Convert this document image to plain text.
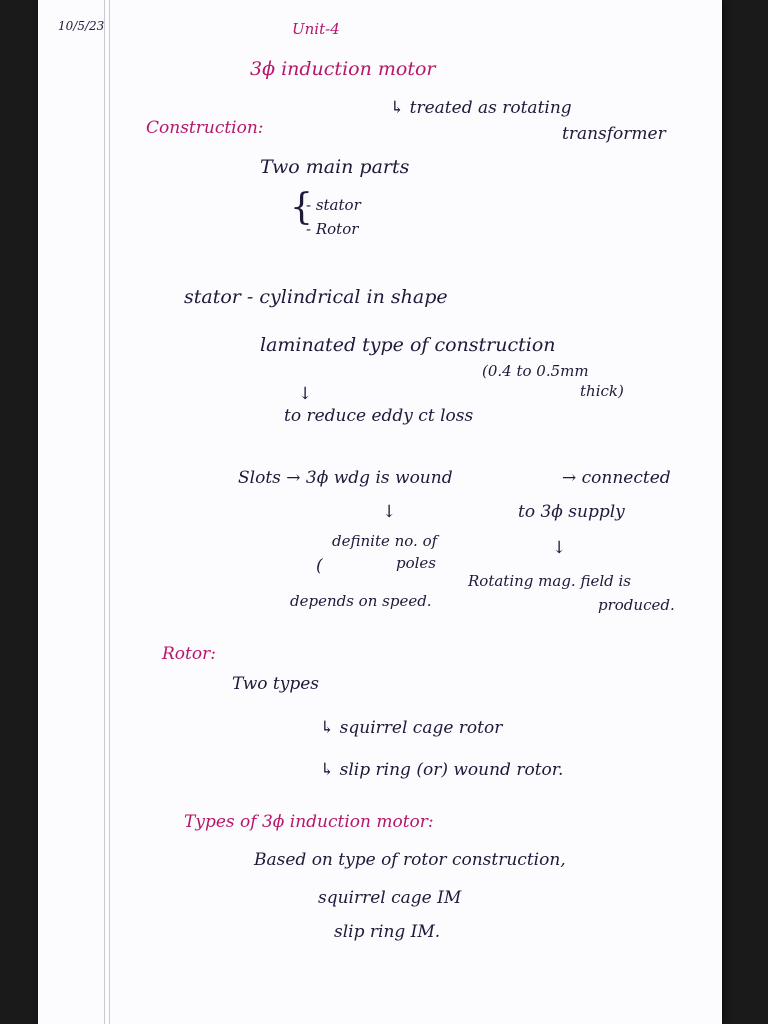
10/5/23	Unit-4
3ϕ induction motor
↳ treated as rotating
transformer
Construction:
Two main parts
{
- stator
- Rotor
stator - cylindrical in shape
laminated type of construction
(0.4 to 0.5mm
thick)
↓
to reduce eddy ct loss
Slots → 3ϕ wdg is wound	→ connected
to 3ϕ supply
↓
definite no. of
poles
(
depends on speed.
↓
Rotating mag. field is
produced.
Rotor:
Two types
↳ squirrel cage rotor
↳ slip ring (or) wound rotor.
Types of 3ϕ induction motor:
Based on type of rotor construction,
squirrel cage IM
slip ring IM.
